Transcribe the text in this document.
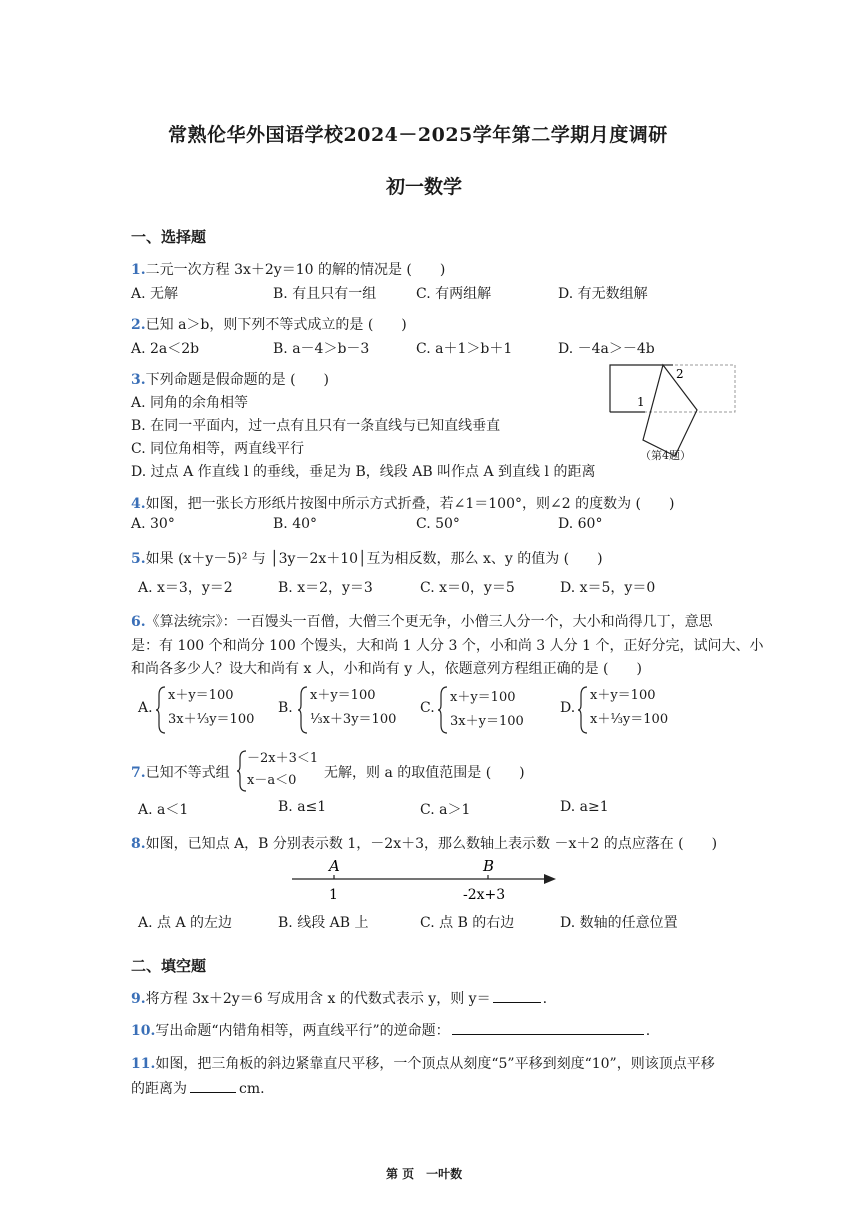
常熟伦华外国语学校2024－2025学年第二学期月度调研
初一数学
一、选择题
1.二元一次方程 3x＋2y＝10 的解的情况是 (　　)
A. 无解	B. 有且只有一组	C. 有两组解	D. 有无数组解
2.已知 a＞b，则下列不等式成立的是 (　　)
A. 2a＜2b	B. a－4＞b－3	C. a＋1＞b＋1	D. －4a＞－4b
3.下列命题是假命题的是 (　　)
A. 同角的余角相等
B. 在同一平面内，过一点有且只有一条直线与已知直线垂直
C. 同位角相等，两直线平行
D. 过点 A 作直线 l 的垂线，垂足为 B，线段 AB 叫作点 A 到直线 l 的距离
1
2
（第4题）
4.如图，把一张长方形纸片按图中所示方式折叠，若∠1＝100°，则∠2 的度数为 (　　)
A. 30°	B. 40°	C. 50°	D. 60°
5.如果 (x＋y－5)² 与 │3y－2x＋10│互为相反数，那么 x、y 的值为 (　　)
A. x＝3，y＝2	B. x＝2，y＝3	C. x＝0，y＝5	D. x＝5，y＝0
6.《算法统宗》：一百馒头一百僧，大僧三个更无争，小僧三人分一个，大小和尚得几丁，意思
是：有 100 个和尚分 100 个馒头，大和尚 1 人分 3 个，小和尚 3 人分 1 个，正好分完，试问大、小
和尚各多少人？设大和尚有 x 人，小和尚有 y 人，依题意列方程组正确的是 (　　)
A.
x＋y＝100
3x＋⅓y＝100
B.
x＋y＝100
⅓x＋3y＝100
C.
x＋y＝100
3x＋y＝100
D.
x＋y＝100
x＋⅓y＝100
7.已知不等式组
－2x＋3＜1
x－a＜0	无解，则 a 的取值范围是 (　　)
A. a＜1	B. a≤1	C. a＞1	D. a≥1
8.如图，已知点 A，B 分别表示数 1，－2x＋3，那么数轴上表示数 －x＋2 的点应落在 (　　)
A	B
1	-2x+3
A. 点 A 的左边	B. 线段 AB 上	C. 点 B 的右边	D. 数轴的任意位置
二、填空题
9.将方程 3x＋2y＝6 写成用含 x 的代数式表示 y，则 y＝	.
10.写出命题“内错角相等，两直线平行”的逆命题：	.
11.如图，把三角板的斜边紧靠直尺平移，一个顶点从刻度“5”平移到刻度“10”，则该顶点平移
的距离为	cm.
第 页　一叶数
